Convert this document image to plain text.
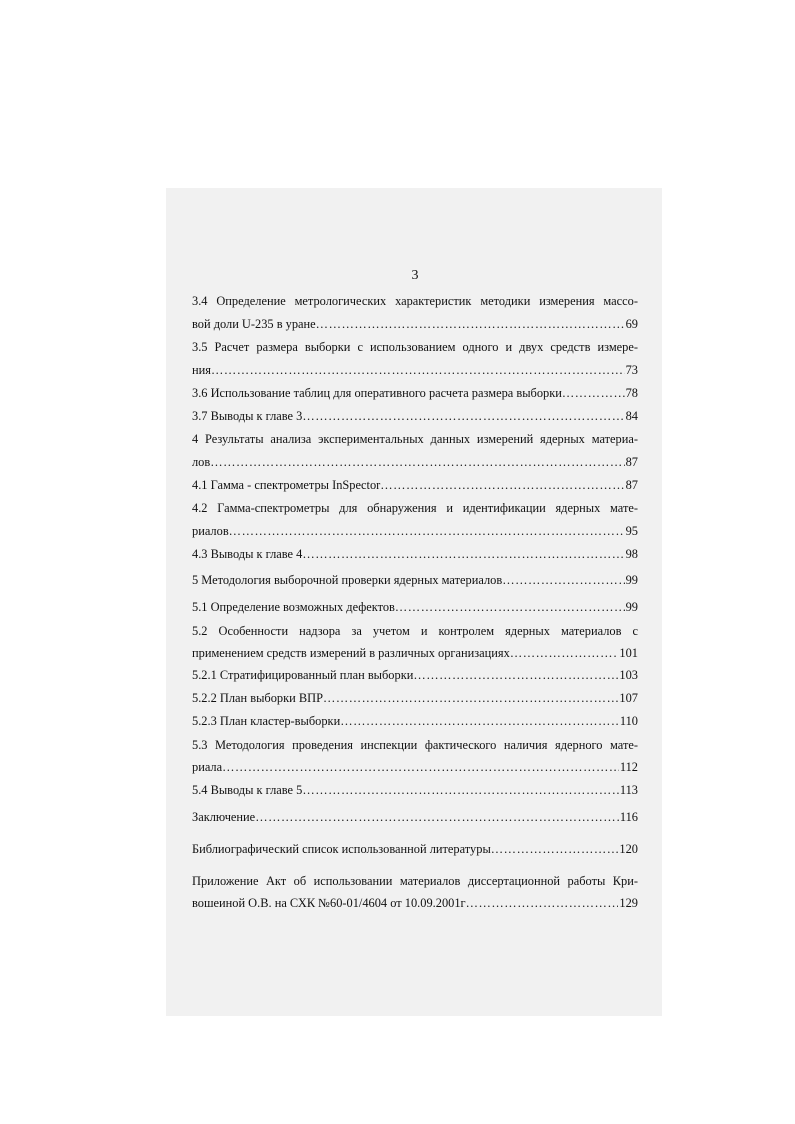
3
3.4 Определение метрологических характеристик методики измерения массо-
вой доли U-235 в уране ……………………………………………………………………………………………………………………………………………………………	69
3.5 Расчет размера выборки с использованием одного и двух средств измере-
ния ……………………………………………………………………………………………………………………………………………………………	73
3.6 Использование таблиц для оперативного расчета размера выборки ……………………………………………………………………………………………………………………………………………………………	78
3.7 Выводы к главе 3 ……………………………………………………………………………………………………………………………………………………………	84
4 Результаты анализа экспериментальных данных измерений ядерных материа-
лов ……………………………………………………………………………………………………………………………………………………………	87
4.1 Гамма - спектрометры InSpector ……………………………………………………………………………………………………………………………………………………………	87
4.2 Гамма-спектрометры для обнаружения и идентификации ядерных мате-
риалов ……………………………………………………………………………………………………………………………………………………………	95
4.3 Выводы к главе 4 ……………………………………………………………………………………………………………………………………………………………	98
5 Методология выборочной проверки ядерных материалов ……………………………………………………………………………………………………………………………………………………………	99
5.1 Определение возможных дефектов ……………………………………………………………………………………………………………………………………………………………	99
5.2 Особенности надзора за учетом и контролем ядерных материалов с
применением средств измерений в различных организациях ……………………………………………………………………………………………………………………………………………………………	101
5.2.1 Стратифицированный план выборки ……………………………………………………………………………………………………………………………………………………………	103
5.2.2 План выборки ВПР ……………………………………………………………………………………………………………………………………………………………	107
5.2.3 План кластер-выборки ……………………………………………………………………………………………………………………………………………………………	110
5.3 Методология проведения инспекции фактического наличия ядерного мате-
риала ……………………………………………………………………………………………………………………………………………………………	112
5.4 Выводы к главе 5 ……………………………………………………………………………………………………………………………………………………………	113
Заключение ……………………………………………………………………………………………………………………………………………………………	116
Библиографический список использованной литературы ……………………………………………………………………………………………………………………………………………………………	120
Приложение Акт об использовании материалов диссертационной работы Кри-
вошеиной О.В. на СХК №60-01/4604 от 10.09.2001г ……………………………………………………………………………………………………………………………………………………………	129
